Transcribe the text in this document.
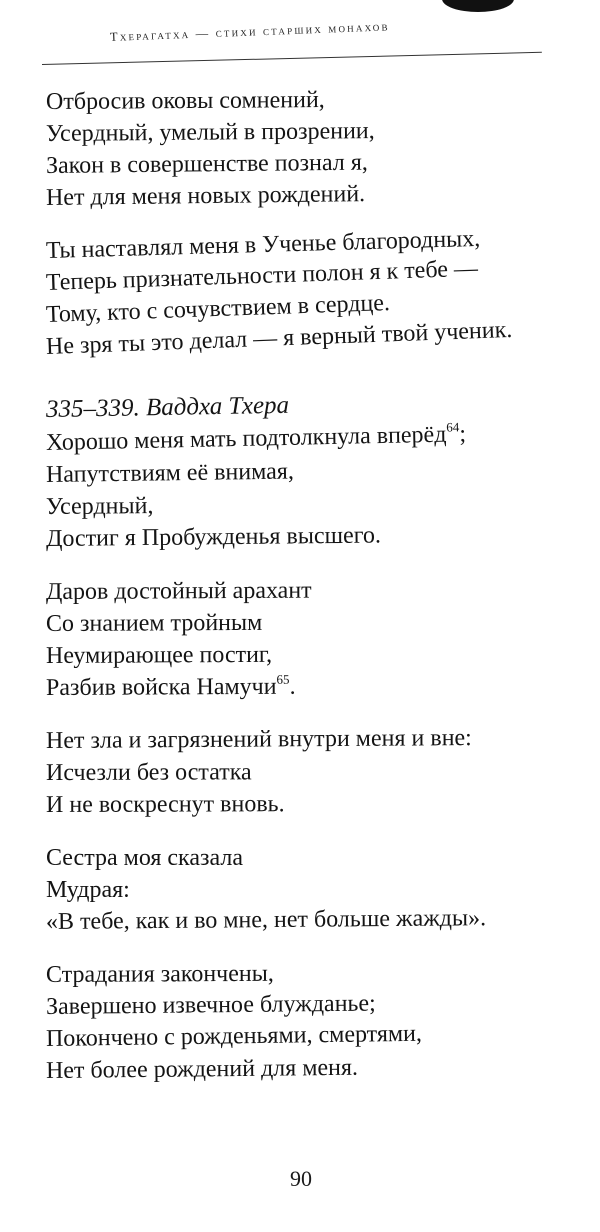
Тхерагатха — стихи старших монахов
Отбросив оковы сомнений,
Усердный, умелый в прозрении,
Закон в совершенстве познал я,
Нет для меня новых рождений.
Ты наставлял меня в Ученье благородных,
Теперь признательности полон я к тебе —
Тому, кто с сочувствием в сердце.
Не зря ты это делал — я верный твой ученик.
335–339. Ваддха Тхера
Хорошо меня мать подтолкнула вперёд$^{64}$;
Напутствиям её внимая,
Усердный,
Достиг я Пробужденья высшего.
Даров достойный арахант
Со знанием тройным
Неумирающее постиг,
Разбив войска Намучи$^{65}$.
Нет зла и загрязнений внутри меня и вне:
Исчезли без остатка
И не воскреснут вновь.
Сестра моя сказала
Мудрая:
«В тебе, как и во мне, нет больше жажды».
Страдания закончены,
Завершено извечное блужданье;
Покончено с рожденьями, смертями,
Нет более рождений для меня.
90
